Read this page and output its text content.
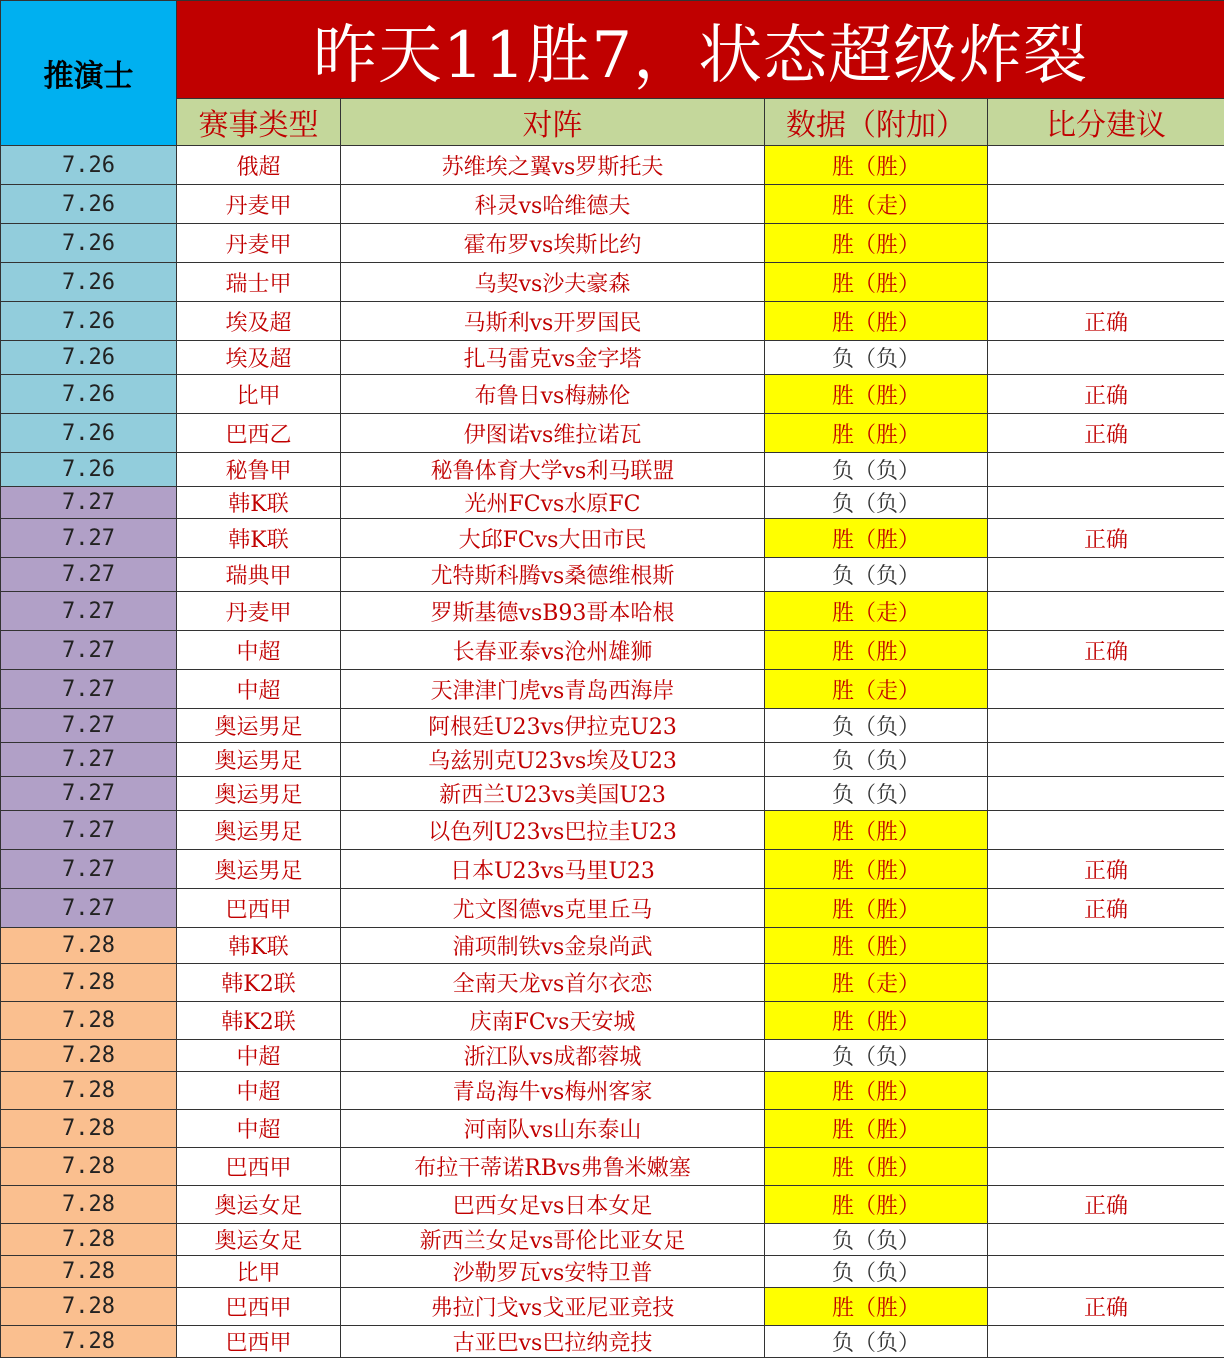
推演士	昨天11胜7，状态超级炸裂			
	赛事类型	对阵	数据（附加）	比分建议
7.26	俄超	苏维埃之翼vs罗斯托夫	胜（胜）	
7.26	丹麦甲	科灵vs哈维德夫	胜（走）	
7.26	丹麦甲	霍布罗vs埃斯比约	胜（胜）	
7.26	瑞士甲	乌契vs沙夫豪森	胜（胜）	
7.26	埃及超	马斯利vs开罗国民	胜（胜）	正确
7.26	埃及超	扎马雷克vs金字塔	负（负）	
7.26	比甲	布鲁日vs梅赫伦	胜（胜）	正确
7.26	巴西乙	伊图诺vs维拉诺瓦	胜（胜）	正确
7.26	秘鲁甲	秘鲁体育大学vs利马联盟	负（负）	
7.27	韩K联	光州FCvs水原FC	负（负）	
7.27	韩K联	大邱FCvs大田市民	胜（胜）	正确
7.27	瑞典甲	尤特斯科腾vs桑德维根斯	负（负）	
7.27	丹麦甲	罗斯基德vsB93哥本哈根	胜（走）	
7.27	中超	长春亚泰vs沧州雄狮	胜（胜）	正确
7.27	中超	天津津门虎vs青岛西海岸	胜（走）	
7.27	奥运男足	阿根廷U23vs伊拉克U23	负（负）	
7.27	奥运男足	乌兹别克U23vs埃及U23	负（负）	
7.27	奥运男足	新西兰U23vs美国U23	负（负）	
7.27	奥运男足	以色列U23vs巴拉圭U23	胜（胜）	
7.27	奥运男足	日本U23vs马里U23	胜（胜）	正确
7.27	巴西甲	尤文图德vs克里丘马	胜（胜）	正确
7.28	韩K联	浦项制铁vs金泉尚武	胜（胜）	
7.28	韩K2联	全南天龙vs首尔衣恋	胜（走）	
7.28	韩K2联	庆南FCvs天安城	胜（胜）	
7.28	中超	浙江队vs成都蓉城	负（负）	
7.28	中超	青岛海牛vs梅州客家	胜（胜）	
7.28	中超	河南队vs山东泰山	胜（胜）	
7.28	巴西甲	布拉干蒂诺RBvs弗鲁米嫩塞	胜（胜）	
7.28	奥运女足	巴西女足vs日本女足	胜（胜）	正确
7.28	奥运女足	新西兰女足vs哥伦比亚女足	负（负）	
7.28	比甲	沙勒罗瓦vs安特卫普	负（负）	
7.28	巴西甲	弗拉门戈vs戈亚尼亚竞技	胜（胜）	正确
7.28	巴西甲	古亚巴vs巴拉纳竞技	负（负）	
